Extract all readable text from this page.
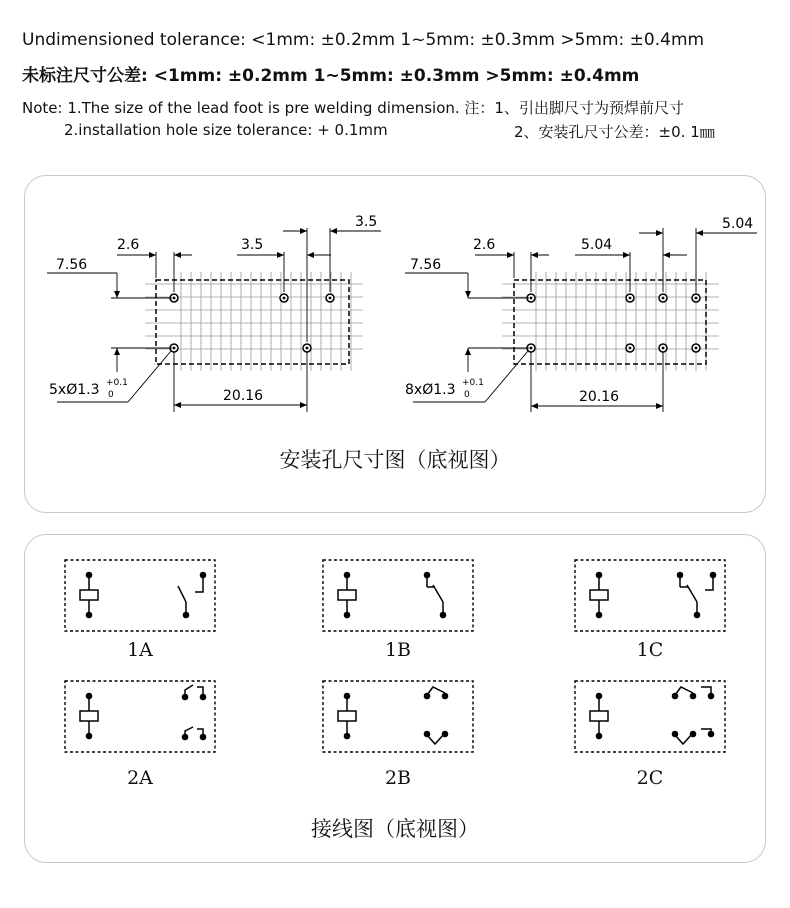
Undimensioned tolerance: <1mm: ±0.2mm 1~5mm: ±0.3mm >5mm: ±0.4mm
未标注尺寸公差: <1mm: ±0.2mm 1~5mm: ±0.3mm >5mm: ±0.4mm
Note: 1.The size of the lead foot is pre welding dimension. 注：1、引出脚尺寸为预焊前尺寸
2.installation hole size tolerance: + 0.1mm	2、安装孔尺寸公差：±0. 1㎜
2.6	3.5
3.5
7.56
20.16
5xØ1.3 +0.1
0
2.6	5.04
5.04
7.56
20.16
8xØ1.3 +0.1
0
安装孔尺寸图（底视图）
1A	1B	1C
2A	2B	2C
接线图（底视图）
